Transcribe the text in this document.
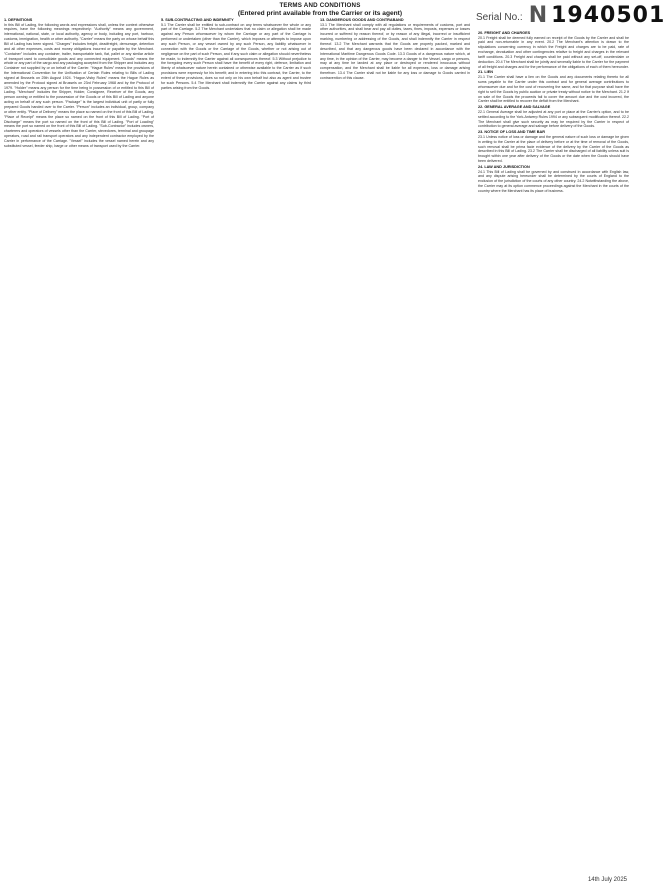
TERMS AND CONDITIONS
(Entered print available from the Carrier or its agent)	Serial No.: N 1940501
1. DEFINITIONS

In this Bill of Lading, the following words and expressions shall, unless the context otherwise requires, have the following meanings respectively: "Authority" means any government, international, national, state, or local authority, agency or body, including any port, harbour, customs, immigration, health or other authority. "Carrier" means the party on whose behalf this Bill of Lading has been signed. "Charges" includes freight, deadfreight, demurrage, detention and all other expenses, costs and money obligations incurred or payable by the Merchant. "Container" includes any container, trailer, transportable tank, flat, pallet or any similar article of transport used to consolidate goods and any connected equipment. "Goods" means the whole or any part of the cargo and any packaging accepted from the Shipper and includes any Container not supplied by or on behalf of the Carrier. "Hague Rules" means the provisions of the International Convention for the Unification of Certain Rules relating to Bills of Lading signed at Brussels on 25th August 1924. "Hague-Visby Rules" means the Hague Rules as amended by the Protocol signed at Brussels on 23rd February 1968 and by the Protocol of 1979. "Holder" means any person for the time being in possession of or entitled to this Bill of Lading. "Merchant" includes the Shipper, Holder, Consignee, Receiver of the Goods, any person owning or entitled to the possession of the Goods or of this Bill of Lading and anyone acting on behalf of any such person. "Package" is the largest individual unit of partly or fully prepared Goods handed over to the Carrier. "Person" includes an individual, group, company or other entity. "Place of Delivery" means the place so named on the front of this Bill of Lading. "Place of Receipt" means the place so named on the front of this Bill of Lading. "Port of Discharge" means the port so named on the front of this Bill of Lading. "Port of Loading" means the port so named on the front of this Bill of Lading. "Sub-Contractor" includes owners, charterers and operators of vessels other than the Carrier, stevedores, terminal and groupage operators, road and rail transport operators and any independent contractor employed by the Carrier in performance of the Carriage. "Vessel" includes the vessel named herein and any substituted vessel, feeder ship, barge or other means of transport used by the Carrier.

5. SUB-CONTRACTING AND INDEMNITY

5.1 The Carrier shall be entitled to sub-contract on any terms whatsoever the whole or any part of the Carriage. 5.2 The Merchant undertakes that no claim or allegation shall be made against any Person whomsoever by whom the Carriage or any part of the Carriage is performed or undertaken (other than the Carrier), which imposes or attempts to impose upon any such Person, or any vessel owned by any such Person, any liability whatsoever in connection with the Goods or the Carriage of the Goods, whether or not arising out of negligence on the part of such Person, and if any such claim or allegation should nevertheless be made, to indemnify the Carrier against all consequences thereof. 5.3 Without prejudice to the foregoing every such Person shall have the benefit of every right, defence, limitation and liberty of whatsoever nature herein contained or otherwise available to the Carrier as if such provisions were expressly for his benefit; and in entering into this contract, the Carrier, to the extent of these provisions, does so not only on his own behalf but also as agent and trustee for such Persons. 5.4 The Merchant shall indemnify the Carrier against any claims by third parties arising from the Goods.

13. DANGEROUS GOODS AND CONTRABAND

13.1 The Merchant shall comply with all regulations or requirements of customs, port and other authorities, and shall bear and pay all duties, taxes, fines, imposts, expenses or losses incurred or suffered by reason thereof, or by reason of any illegal, incorrect or insufficient marking, numbering or addressing of the Goods, and shall indemnify the Carrier in respect thereof. 13.2 The Merchant warrants that the Goods are properly packed, marked and described, and that any dangerous goods have been declared in accordance with the International Maritime Dangerous Goods Code. 13.3 Goods of a dangerous nature which, at any time, in the opinion of the Carrier, may become a danger to the Vessel, cargo or persons, may at any time be landed at any place or destroyed or rendered innocuous without compensation, and the Merchant shall be liable for all expenses, loss or damage arising therefrom. 13.4 The Carrier shall not be liable for any loss or damage to Goods carried in contravention of this clause.

20. FREIGHT AND CHARGES

20.1 Freight shall be deemed fully earned on receipt of the Goods by the Carrier and shall be paid and non-returnable in any event. 20.2 The Merchant's attention is drawn to the stipulations concerning currency in which the Freight and charges are to be paid, rate of exchange, devaluation and other contingencies relative to freight and charges in the relevant tariff conditions. 20.3 Freight and charges shall be paid without any set-off, counterclaim or deduction. 20.4 The Merchant shall be jointly and severally liable to the Carrier for the payment of all freight and charges and for the performance of the obligations of each of them hereunder.

21. LIEN

21.1 The Carrier shall have a lien on the Goods and any documents relating thereto for all sums payable to the Carrier under this contract and for general average contributions to whomsoever due and for the cost of recovering the same, and for that purpose shall have the right to sell the Goods by public auction or private treaty without notice to the Merchant. 21.2 If on sale of the Goods the proceeds fail to cover the amount due and the cost incurred, the Carrier shall be entitled to recover the deficit from the Merchant.

22. GENERAL AVERAGE AND SALVAGE

22.1 General Average shall be adjusted at any port or place at the Carrier's option, and to be settled according to the York-Antwerp Rules 1994 or any subsequent modification thereof. 22.2 The Merchant shall give such security as may be required by the Carrier in respect of contribution to general average and salvage before delivery of the Goods.

23. NOTICE OF LOSS AND TIME BAR

23.1 Unless notice of loss or damage and the general nature of such loss or damage be given in writing to the Carrier at the place of delivery before or at the time of removal of the Goods, such removal shall be prima facie evidence of the delivery by the Carrier of the Goods as described in this Bill of Lading. 23.2 The Carrier shall be discharged of all liability unless suit is brought within one year after delivery of the Goods or the date when the Goods should have been delivered.

24. LAW AND JURISDICTION

24.1 This Bill of Lading shall be governed by and construed in accordance with English law, and any dispute arising hereunder shall be determined by the courts of England to the exclusion of the jurisdiction of the courts of any other country. 24.2 Notwithstanding the above, the Carrier may at its option commence proceedings against the Merchant in the courts of the country where the Merchant has its place of business.

14th July 2025
